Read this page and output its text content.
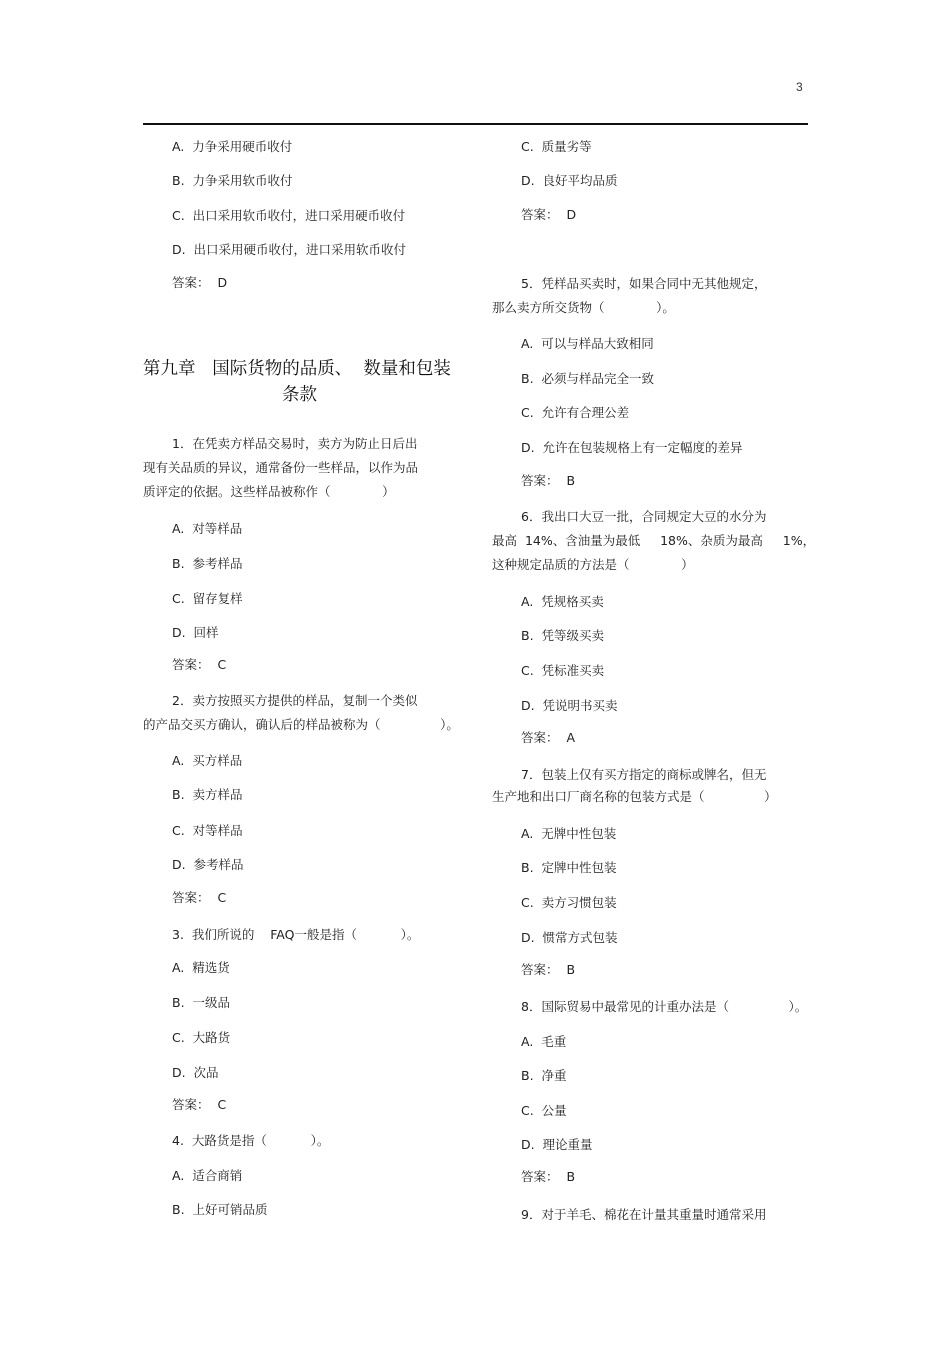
3
A.  力争采用硬币收付
B.  力争采用软币收付
C.  出口采用软币收付，进口采用硬币收付
D.  出口采用硬币收付，进口采用软币收付
答案：  D
第九章   国际货物的品质、  数量和包装
条款
1．在凭卖方样品交易时，卖方为防止日后出
现有关品质的异议，通常备份一些样品，以作为品
质评定的依据。这些样品被称作（             ）
A.  对等样品
B.  参考样品
C.  留存复样
D.  回样
答案：  C
2．卖方按照买方提供的样品，复制一个类似
的产品交买方确认，确认后的样品被称为（               ）。
A.  买方样品
B.  卖方样品
C.  对等样品
D.  参考样品
答案：  C
3.  我们所说的    FAQ一般是指（           ）。
A.  精选货
B.  一级品
C.  大路货
D.  次品
答案：  C
4.  大路货是指（           ）。
A.  适合商销
B.  上好可销品质
C.  质量劣等
D.  良好平均品质
答案：  D
5．凭样品买卖时，如果合同中无其他规定，
那么卖方所交货物（             ）。
A.  可以与样品大致相同
B.  必须与样品完全一致
C.  允许有合理公差
D.  允许在包装规格上有一定幅度的差异
答案：  B
6．我出口大豆一批，合同规定大豆的水分为
最高  14%、含油量为最低     18%、杂质为最高     1%，
这种规定品质的方法是（             ）
A.  凭规格买卖
B.  凭等级买卖
C.  凭标准买卖
D.  凭说明书买卖
答案：  A
7．包装上仅有买方指定的商标或牌名，但无
生产地和出口厂商名称的包装方式是（               ）
A.  无牌中性包装
B.  定牌中性包装
C.  卖方习惯包装
D.  惯常方式包装
答案：  B
8．国际贸易中最常见的计重办法是（               ）。
A.  毛重
B.  净重
C.  公量
D.  理论重量
答案：  B
9．对于羊毛、棉花在计量其重量时通常采用
